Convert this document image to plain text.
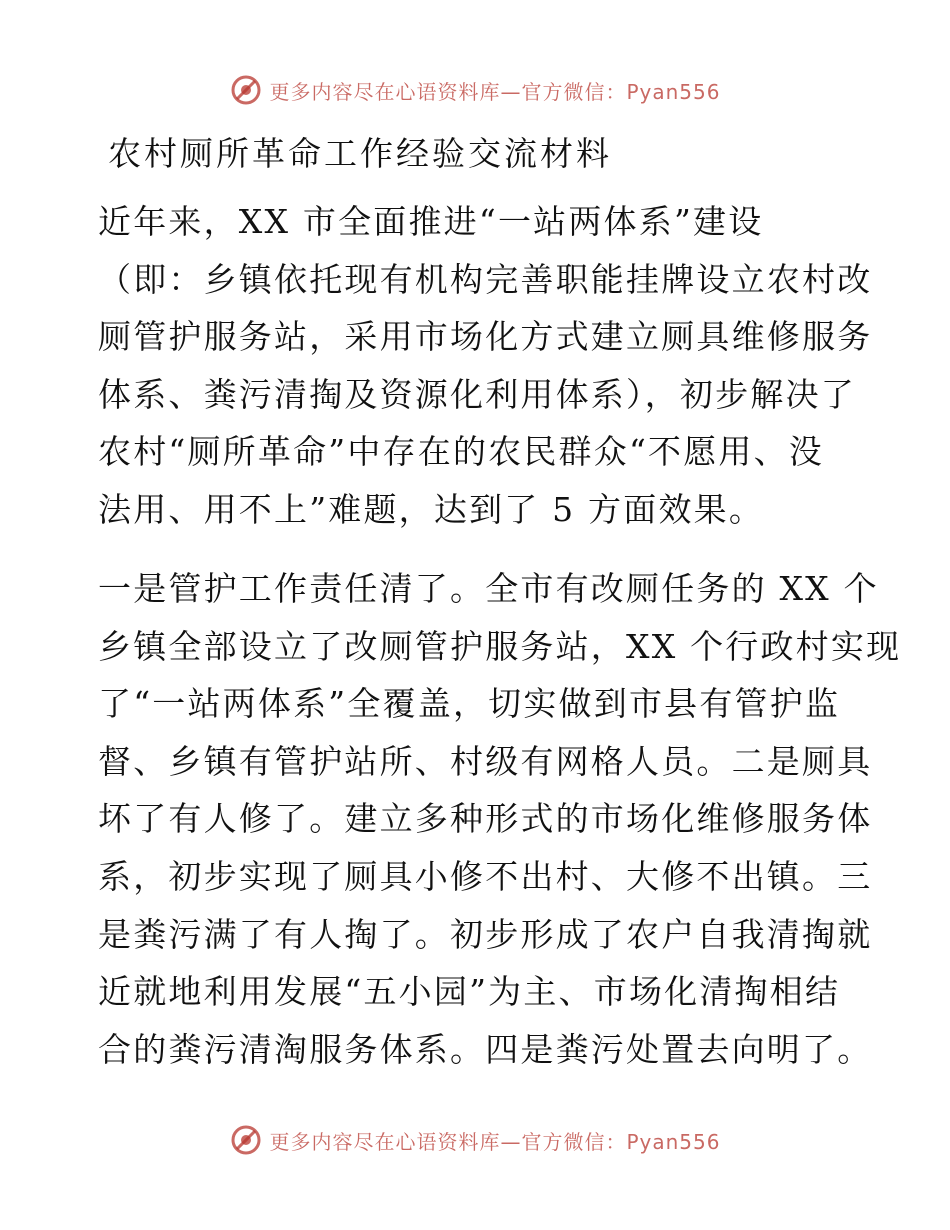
更多内容尽在心语资料库—官方微信：Pyan556
农村厕所革命工作经验交流材料
近年来，XX 市全面推进“一站两体系”建设
（即：乡镇依托现有机构完善职能挂牌设立农村改
厕管护服务站，采用市场化方式建立厕具维修服务
体系、粪污清掏及资源化利用体系），初步解决了
农村“厕所革命”中存在的农民群众“不愿用、没
法用、用不上”难题，达到了 5 方面效果。
一是管护工作责任清了。全市有改厕任务的 XX 个
乡镇全部设立了改厕管护服务站，XX 个行政村实现
了“一站两体系”全覆盖，切实做到市县有管护监
督、乡镇有管护站所、村级有网格人员。二是厕具
坏了有人修了。建立多种形式的市场化维修服务体
系，初步实现了厕具小修不出村、大修不出镇。三
是粪污满了有人掏了。初步形成了农户自我清掏就
近就地利用发展“五小园”为主、市场化清掏相结
合的粪污清淘服务体系。四是粪污处置去向明了。
更多内容尽在心语资料库—官方微信：Pyan556
